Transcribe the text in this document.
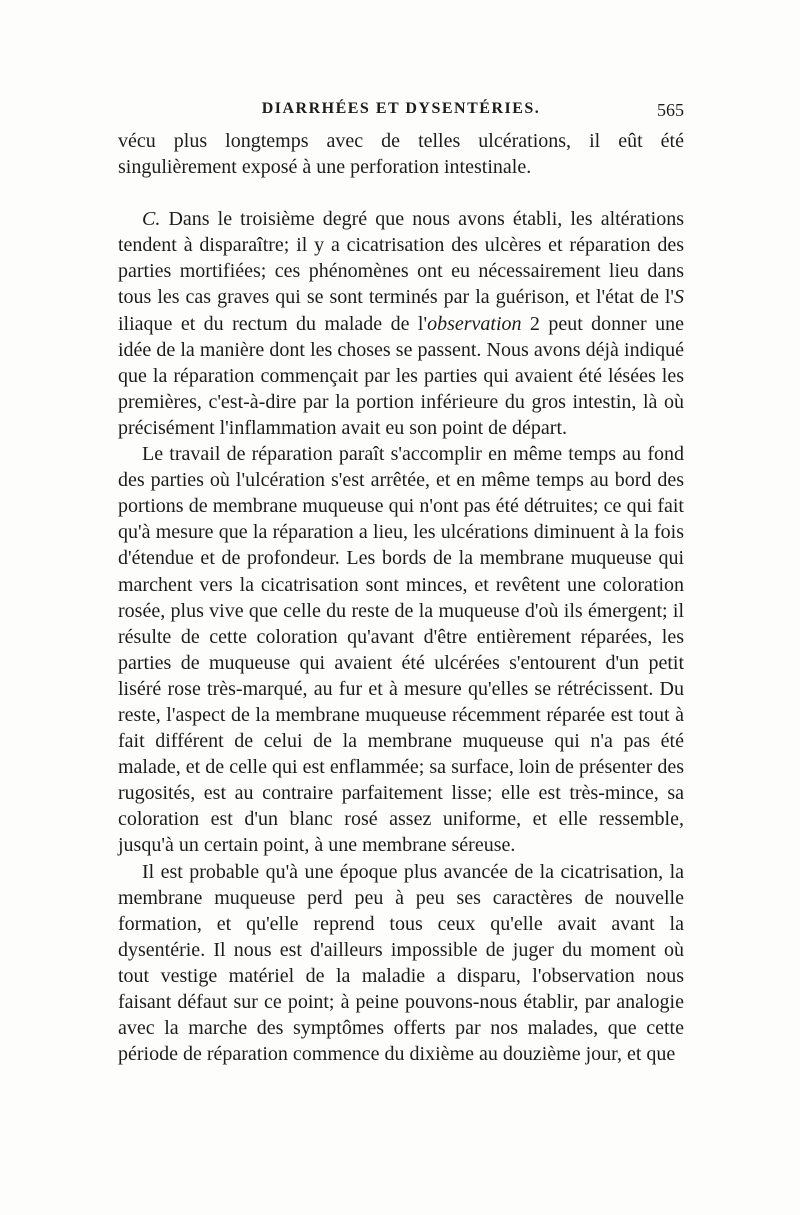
DIARRHÉES ET DYSENTÉRIES.	565

vécu plus longtemps avec de telles ulcérations, il eût été singulièrement exposé à une perforation intestinale.

C. Dans le troisième degré que nous avons établi, les altérations tendent à disparaître; il y a cicatrisation des ulcères et réparation des parties mortifiées; ces phénomènes ont eu nécessairement lieu dans tous les cas graves qui se sont terminés par la guérison, et l'état de l'S iliaque et du rectum du malade de l'observation 2 peut donner une idée de la manière dont les choses se passent. Nous avons déjà indiqué que la réparation commençait par les parties qui avaient été lésées les premières, c'est-à-dire par la portion inférieure du gros intestin, là où précisément l'inflammation avait eu son point de départ.

Le travail de réparation paraît s'accomplir en même temps au fond des parties où l'ulcération s'est arrêtée, et en même temps au bord des portions de membrane muqueuse qui n'ont pas été détruites; ce qui fait qu'à mesure que la réparation a lieu, les ulcérations diminuent à la fois d'étendue et de profondeur. Les bords de la membrane muqueuse qui marchent vers la cicatrisation sont minces, et revêtent une coloration rosée, plus vive que celle du reste de la muqueuse d'où ils émergent; il résulte de cette coloration qu'avant d'être entièrement réparées, les parties de muqueuse qui avaient été ulcérées s'entourent d'un petit liséré rose très-marqué, au fur et à mesure qu'elles se rétrécissent. Du reste, l'aspect de la membrane muqueuse récemment réparée est tout à fait différent de celui de la membrane muqueuse qui n'a pas été malade, et de celle qui est enflammée; sa surface, loin de présenter des rugosités, est au contraire parfaitement lisse; elle est très-mince, sa coloration est d'un blanc rosé assez uniforme, et elle ressemble, jusqu'à un certain point, à une membrane séreuse.

Il est probable qu'à une époque plus avancée de la cicatrisation, la membrane muqueuse perd peu à peu ses caractères de nouvelle formation, et qu'elle reprend tous ceux qu'elle avait avant la dysentérie. Il nous est d'ailleurs impossible de juger du moment où tout vestige matériel de la maladie a disparu, l'observation nous faisant défaut sur ce point; à peine pouvons-nous établir, par analogie avec la marche des symptômes offerts par nos malades, que cette période de réparation commence du dixième au douzième jour, et que
